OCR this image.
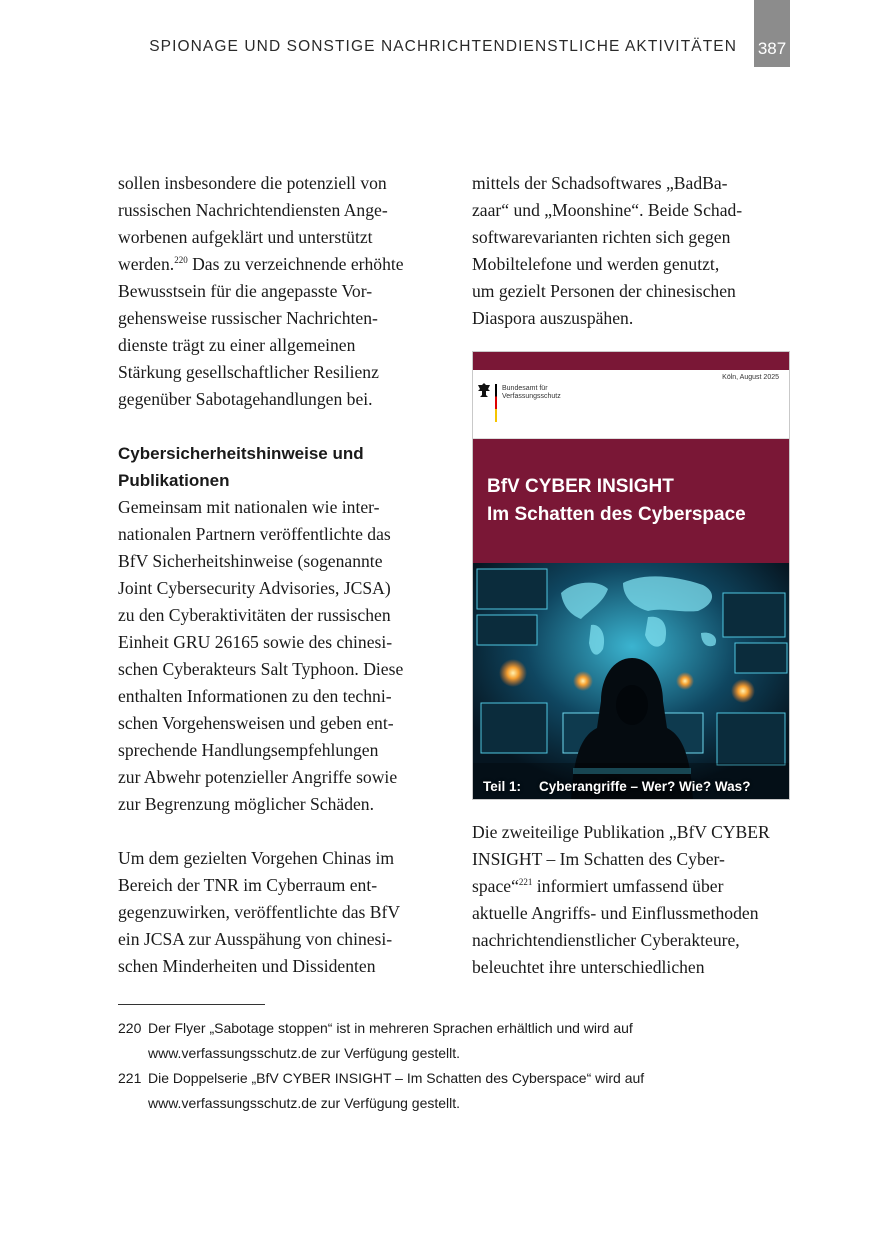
SPIONAGE UND SONSTIGE NACHRICHTENDIENSTLICHE AKTIVITÄTEN 387

sollen insbesondere die potenziell von
russischen Nachrichtendiensten Ange-
worbenen aufgeklärt und unterstützt
werden.$^{220}$ Das zu verzeichnende erhöhte
Bewusstsein für die angepasste Vor-
gehensweise russischer Nachrichten-
dienste trägt zu einer allgemeinen
Stärkung gesellschaftlicher Resilienz
gegenüber Sabotagehandlungen bei.

Cybersicherheitshinweise und
Publikationen

Gemeinsam mit nationalen wie inter-
nationalen Partnern veröffentlichte das
BfV Sicherheitshinweise (sogenannte
Joint Cybersecurity Advisories, JCSA)
zu den Cyberaktivitäten der russischen
Einheit GRU 26165 sowie des chinesi-
schen Cyberakteurs Salt Typhoon. Diese
enthalten Informationen zu den techni-
schen Vorgehensweisen und geben ent-
sprechende Handlungsempfehlungen
zur Abwehr potenzieller Angriffe sowie
zur Begrenzung möglicher Schäden.

Um dem gezielten Vorgehen Chinas im
Bereich der TNR im Cyberraum ent-
gegenzuwirken, veröffentlichte das BfV
ein JCSA zur Ausspähung von chinesi-
schen Minderheiten und Dissidenten

mittels der Schadsoftwares „BadBa-
zaar“ und „Moonshine“. Beide Schad-
softwarevarianten richten sich gegen
Mobiltelefone und werden genutzt,
um gezielt Personen der chinesischen
Diaspora auszuspähen.

Köln, August 2025
Bundesamt für
Verfassungsschutz
BfV CYBER INSIGHT
Im Schatten des Cyberspace
Teil 1: Cyberangriffe – Wer? Wie? Was?

Die zweiteilige Publikation „BfV CYBER
INSIGHT – Im Schatten des Cyber-
space“$^{221}$ informiert umfassend über
aktuelle Angriffs- und Einflussmethoden
nachrichtendienstlicher Cyberakteure,
beleuchtet ihre unterschiedlichen

220 Der Flyer „Sabotage stoppen“ ist in mehreren Sprachen erhältlich und wird auf
www.verfassungsschutz.de zur Verfügung gestellt.
221 Die Doppelserie „BfV CYBER INSIGHT – Im Schatten des Cyberspace“ wird auf
www.verfassungsschutz.de zur Verfügung gestellt.
